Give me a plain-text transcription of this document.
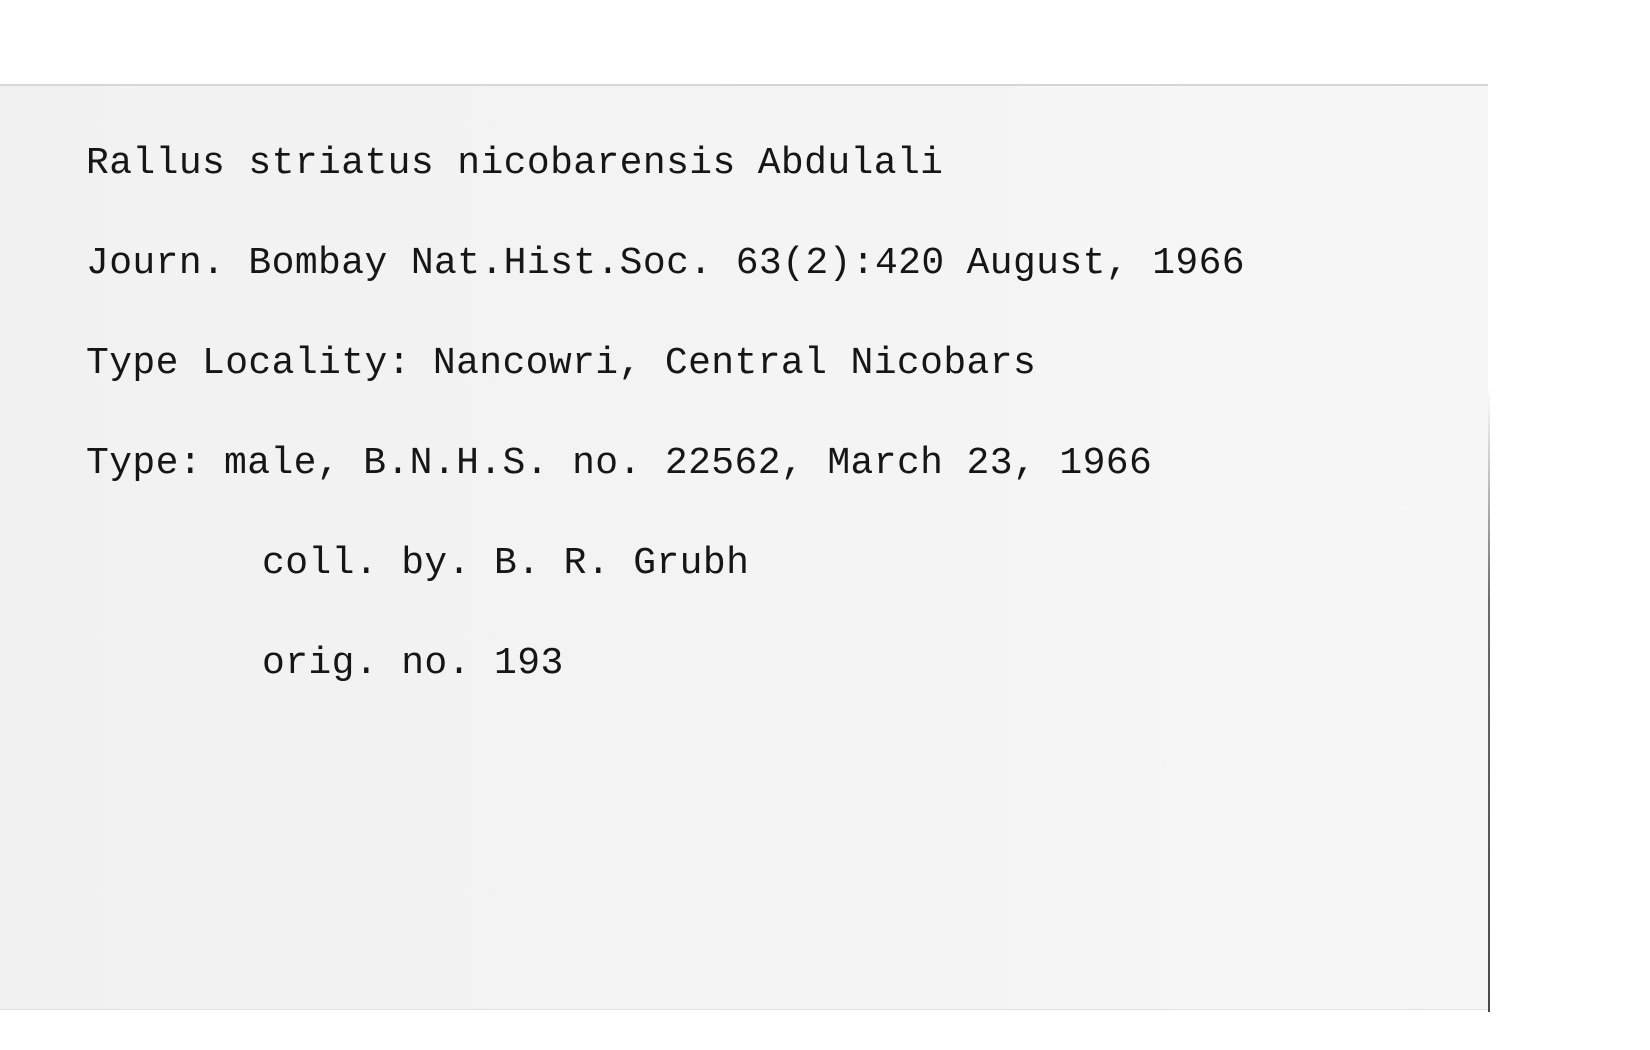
Rallus striatus nicobarensis Abdulali

Journ. Bombay Nat.Hist.Soc. 63(2):420 August, 1966

Type Locality: Nancowri, Central Nicobars

Type: male, B.N.H.S. no. 22562, March 23, 1966

coll. by. B. R. Grubh

orig. no. 193
